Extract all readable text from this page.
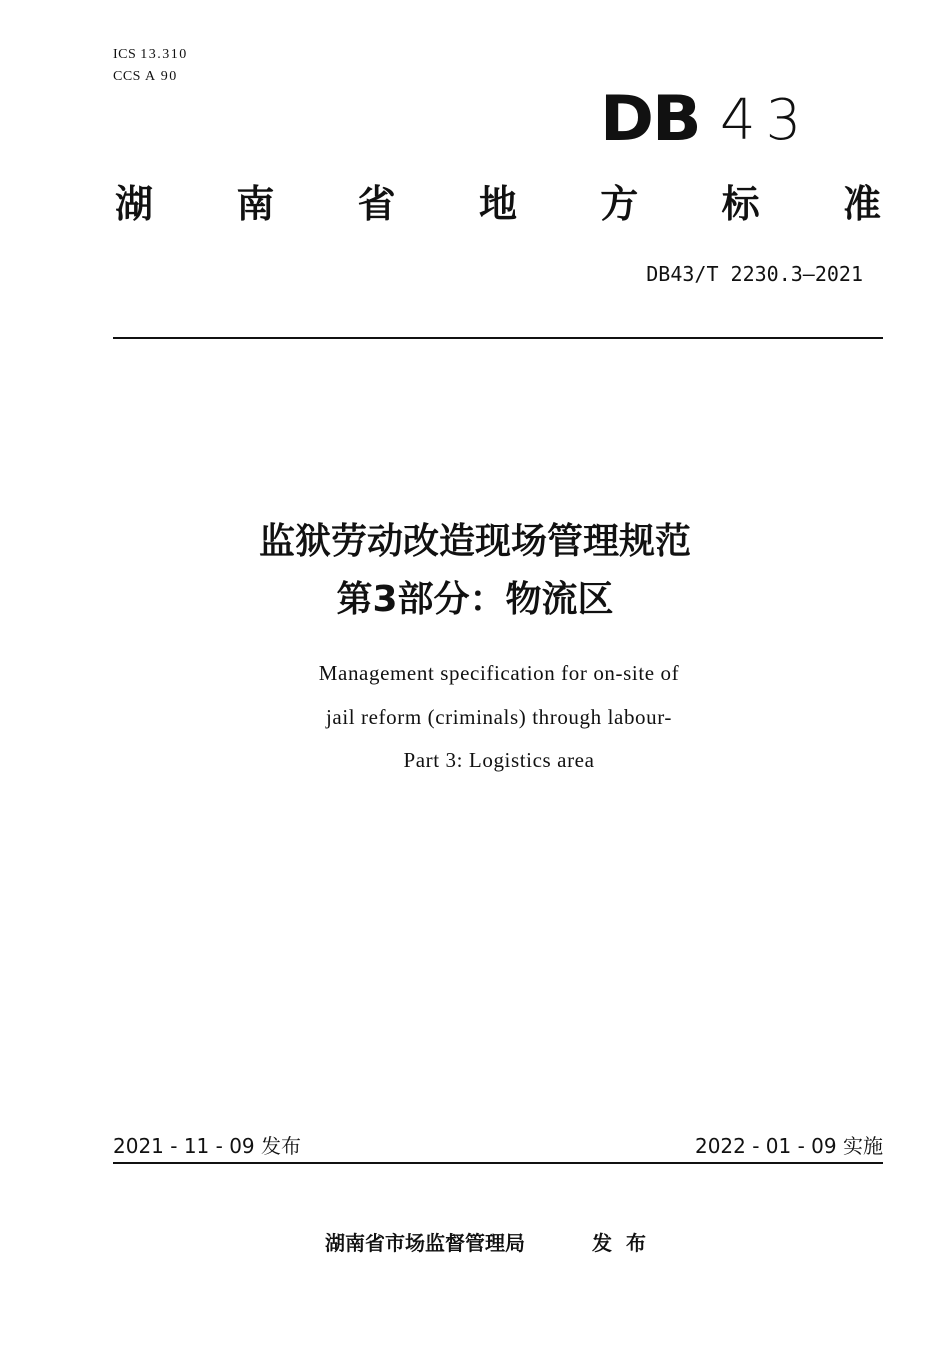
ICS 13.310
CCS A 90
DB 43
湖 南 省 地 方 标 准
DB43/T 2230.3—2021
监狱劳动改造现场管理规范
第3部分：物流区
Management specification for on-site of
jail reform (criminals) through labour-
Part 3: Logistics area
2021 - 11 - 09 发布	2022 - 01 - 09 实施
湖南省市场监督管理局	发布
